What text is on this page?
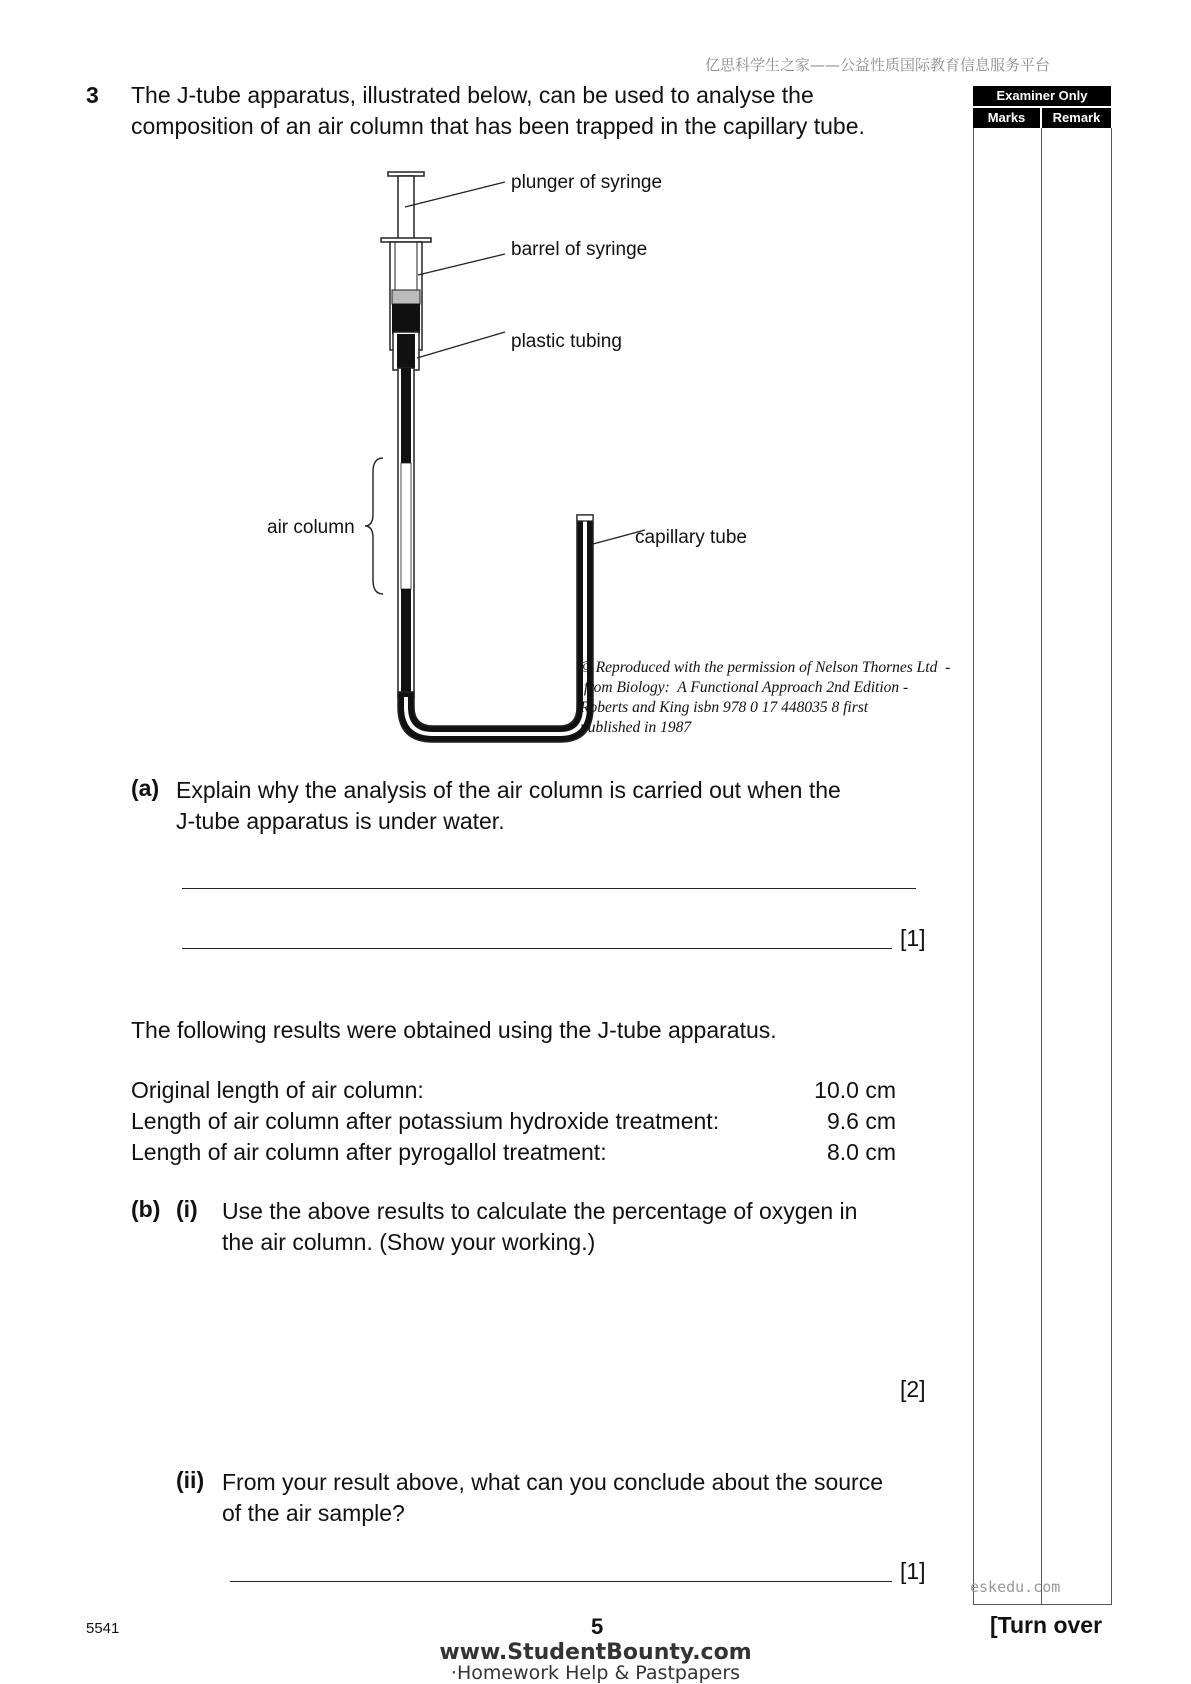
亿思科学生之家——公益性质国际教育信息服务平台
3 The J-tube apparatus, illustrated below, can be used to analyse the

composition of an air column that has been trapped in the capillary tube.

Examiner Only
Marks	Remark
plunger of syringe
barrel of syringe
plastic tubing
air column	capillary tube
© Reproduced with the permission of Nelson Thornes Ltd  -
from Biology:  A Functional Approach 2nd Edition -
Roberts and King isbn 978 0 17 448035 8 first
published in 1987
(a) Explain why the analysis of the air column is carried out when the
J-tube apparatus is under water.
[1]
The following results were obtained using the J-tube apparatus.
Original length of air column:	10.0 cm
Length of air column after potassium hydroxide treatment:	9.6 cm
Length of air column after pyrogallol treatment:	8.0 cm
(b) (i) Use the above results to calculate the percentage of oxygen in
the air column. (Show your working.)
[2]
(ii) From your result above, what can you conclude about the source
of the air sample?
[1]
eskedu.com
5541	5	[Turn over
www.StudentBounty.com
·Homework Help & Pastpapers
